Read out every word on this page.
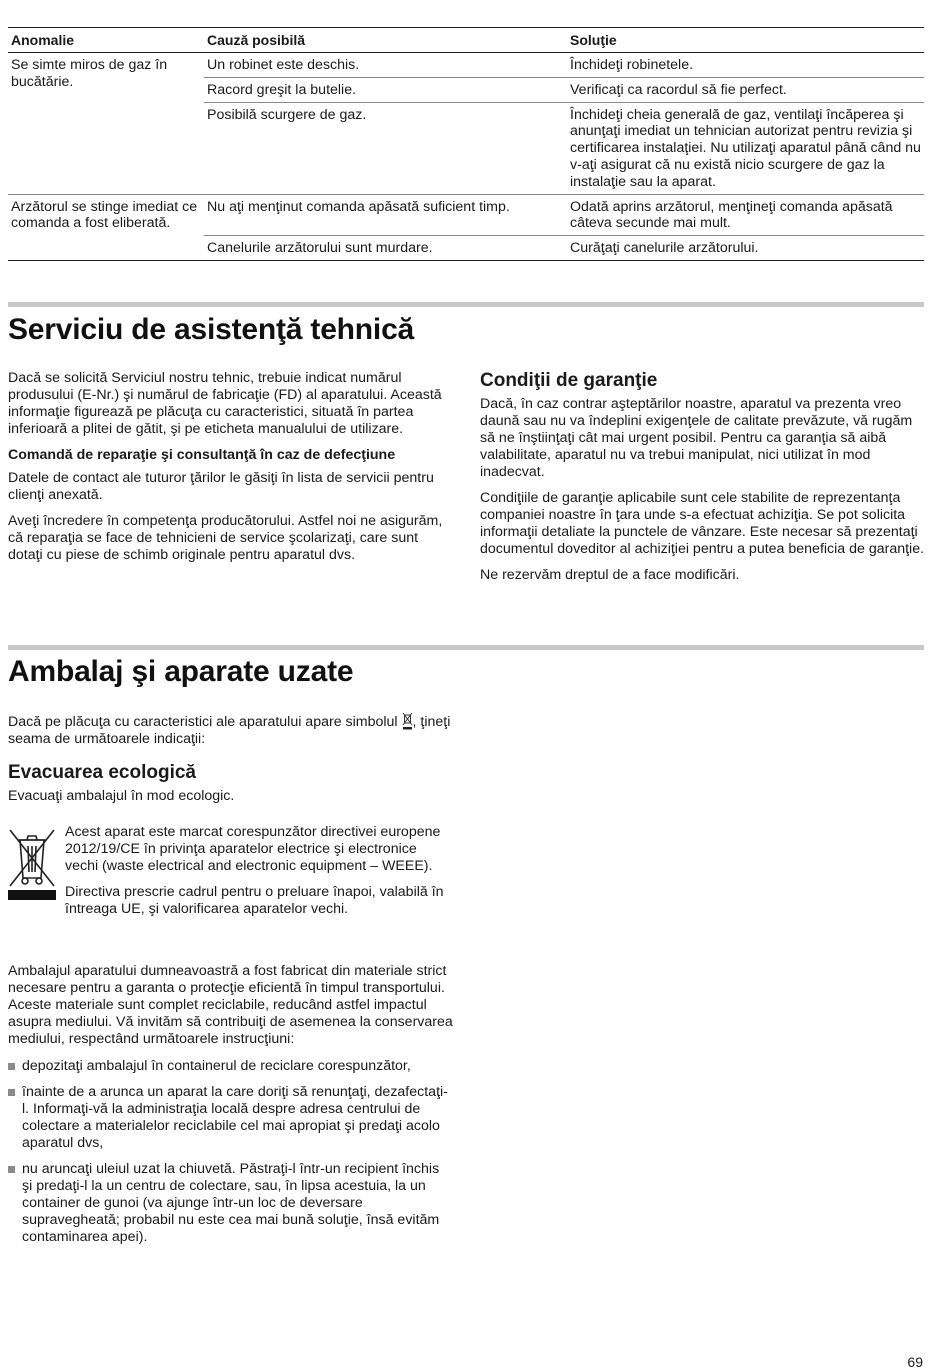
Anomalie	Cauză posibilă	Soluţie
Se simte miros de gaz în bucătărie.	Un robinet este deschis.	Închideţi robinetele.
	Racord greşit la butelie.	Verificaţi ca racordul să fie perfect.
	Posibilă scurgere de gaz.	Închideţi cheia generală de gaz, ventilaţi încăperea şi anunţaţi imediat un tehnician autorizat pentru revizia şi certificarea instalaţiei. Nu utilizaţi aparatul până când nu v-aţi asigurat că nu există nicio scurgere de gaz la instalaţie sau la aparat.
Arzătorul se stinge imediat ce comanda a fost eliberată.	Nu aţi menţinut comanda apăsată suficient timp.	Odată aprins arzătorul, menţineţi comanda apăsată câteva secunde mai mult.
	Canelurile arzătorului sunt murdare.	Curăţaţi canelurile arzătorului.
Serviciu de asistenţă tehnică

Dacă se solicită Serviciul nostru tehnic, trebuie indicat numărul produsului (E-Nr.) şi numărul de fabricaţie (FD) al aparatului. Această informaţie figurează pe plăcuţa cu caracteristici, situată în partea inferioară a plitei de gătit, şi pe eticheta manualului de utilizare.

Comandă de reparaţie şi consultanţă în caz de defecţiune

Datele de contact ale tuturor ţărilor le găsiţi în lista de servicii pentru clienţi anexată.

Aveţi încredere în competenţa producătorului. Astfel noi ne asigurăm, că reparaţia se face de tehnicieni de service şcolarizaţi, care sunt dotaţi cu piese de schimb originale pentru aparatul dvs.

Condiţii de garanţie

Dacă, în caz contrar aşteptărilor noastre, aparatul va prezenta vreo daună sau nu va îndeplini exigenţele de calitate prevăzute, vă rugăm să ne înştiinţaţi cât mai urgent posibil. Pentru ca garanţia să aibă valabilitate, aparatul nu va trebui manipulat, nici utilizat în mod inadecvat.

Condiţiile de garanţie aplicabile sunt cele stabilite de reprezentanţa companiei noastre în ţara unde s-a efectuat achiziţia. Se pot solicita informaţii detaliate la punctele de vânzare. Este necesar să prezentaţi documentul doveditor al achiziţiei pentru a putea beneficia de garanţie.

Ne rezervăm dreptul de a face modificări.

Ambalaj şi aparate uzate

Dacă pe plăcuţa cu caracteristici ale aparatului apare simbolul , ţineţi seama de următoarele indicaţii:

Evacuarea ecologică

Evacuaţi ambalajul în mod ecologic.

Acest aparat este marcat corespunzător directivei europene 2012/19/CE în privinţa aparatelor electrice şi electronice vechi (waste electrical and electronic equipment – WEEE).

Directiva prescrie cadrul pentru o preluare înapoi, valabilă în întreaga UE, şi valorificarea aparatelor vechi.

Ambalajul aparatului dumneavoastră a fost fabricat din materiale strict necesare pentru a garanta o protecţie eficientă în timpul transportului. Aceste materiale sunt complet reciclabile, reducând astfel impactul asupra mediului. Vă invităm să contribuiţi de asemenea la conservarea mediului, respectând următoarele instrucţiuni:

depozitaţi ambalajul în containerul de reciclare corespunzător,
înainte de a arunca un aparat la care doriţi să renunţaţi, dezafectaţi-l. Informaţi-vă la administraţia locală despre adresa centrului de colectare a materialelor reciclabile cel mai apropiat şi predaţi acolo aparatul dvs,
nu aruncaţi uleiul uzat la chiuvetă. Păstraţi-l într-un recipient închis şi predaţi-l la un centru de colectare, sau, în lipsa acestuia, la un container de gunoi (va ajunge într-un loc de deversare supravegheată; probabil nu este cea mai bună soluţie, însă evităm contaminarea apei).
69
